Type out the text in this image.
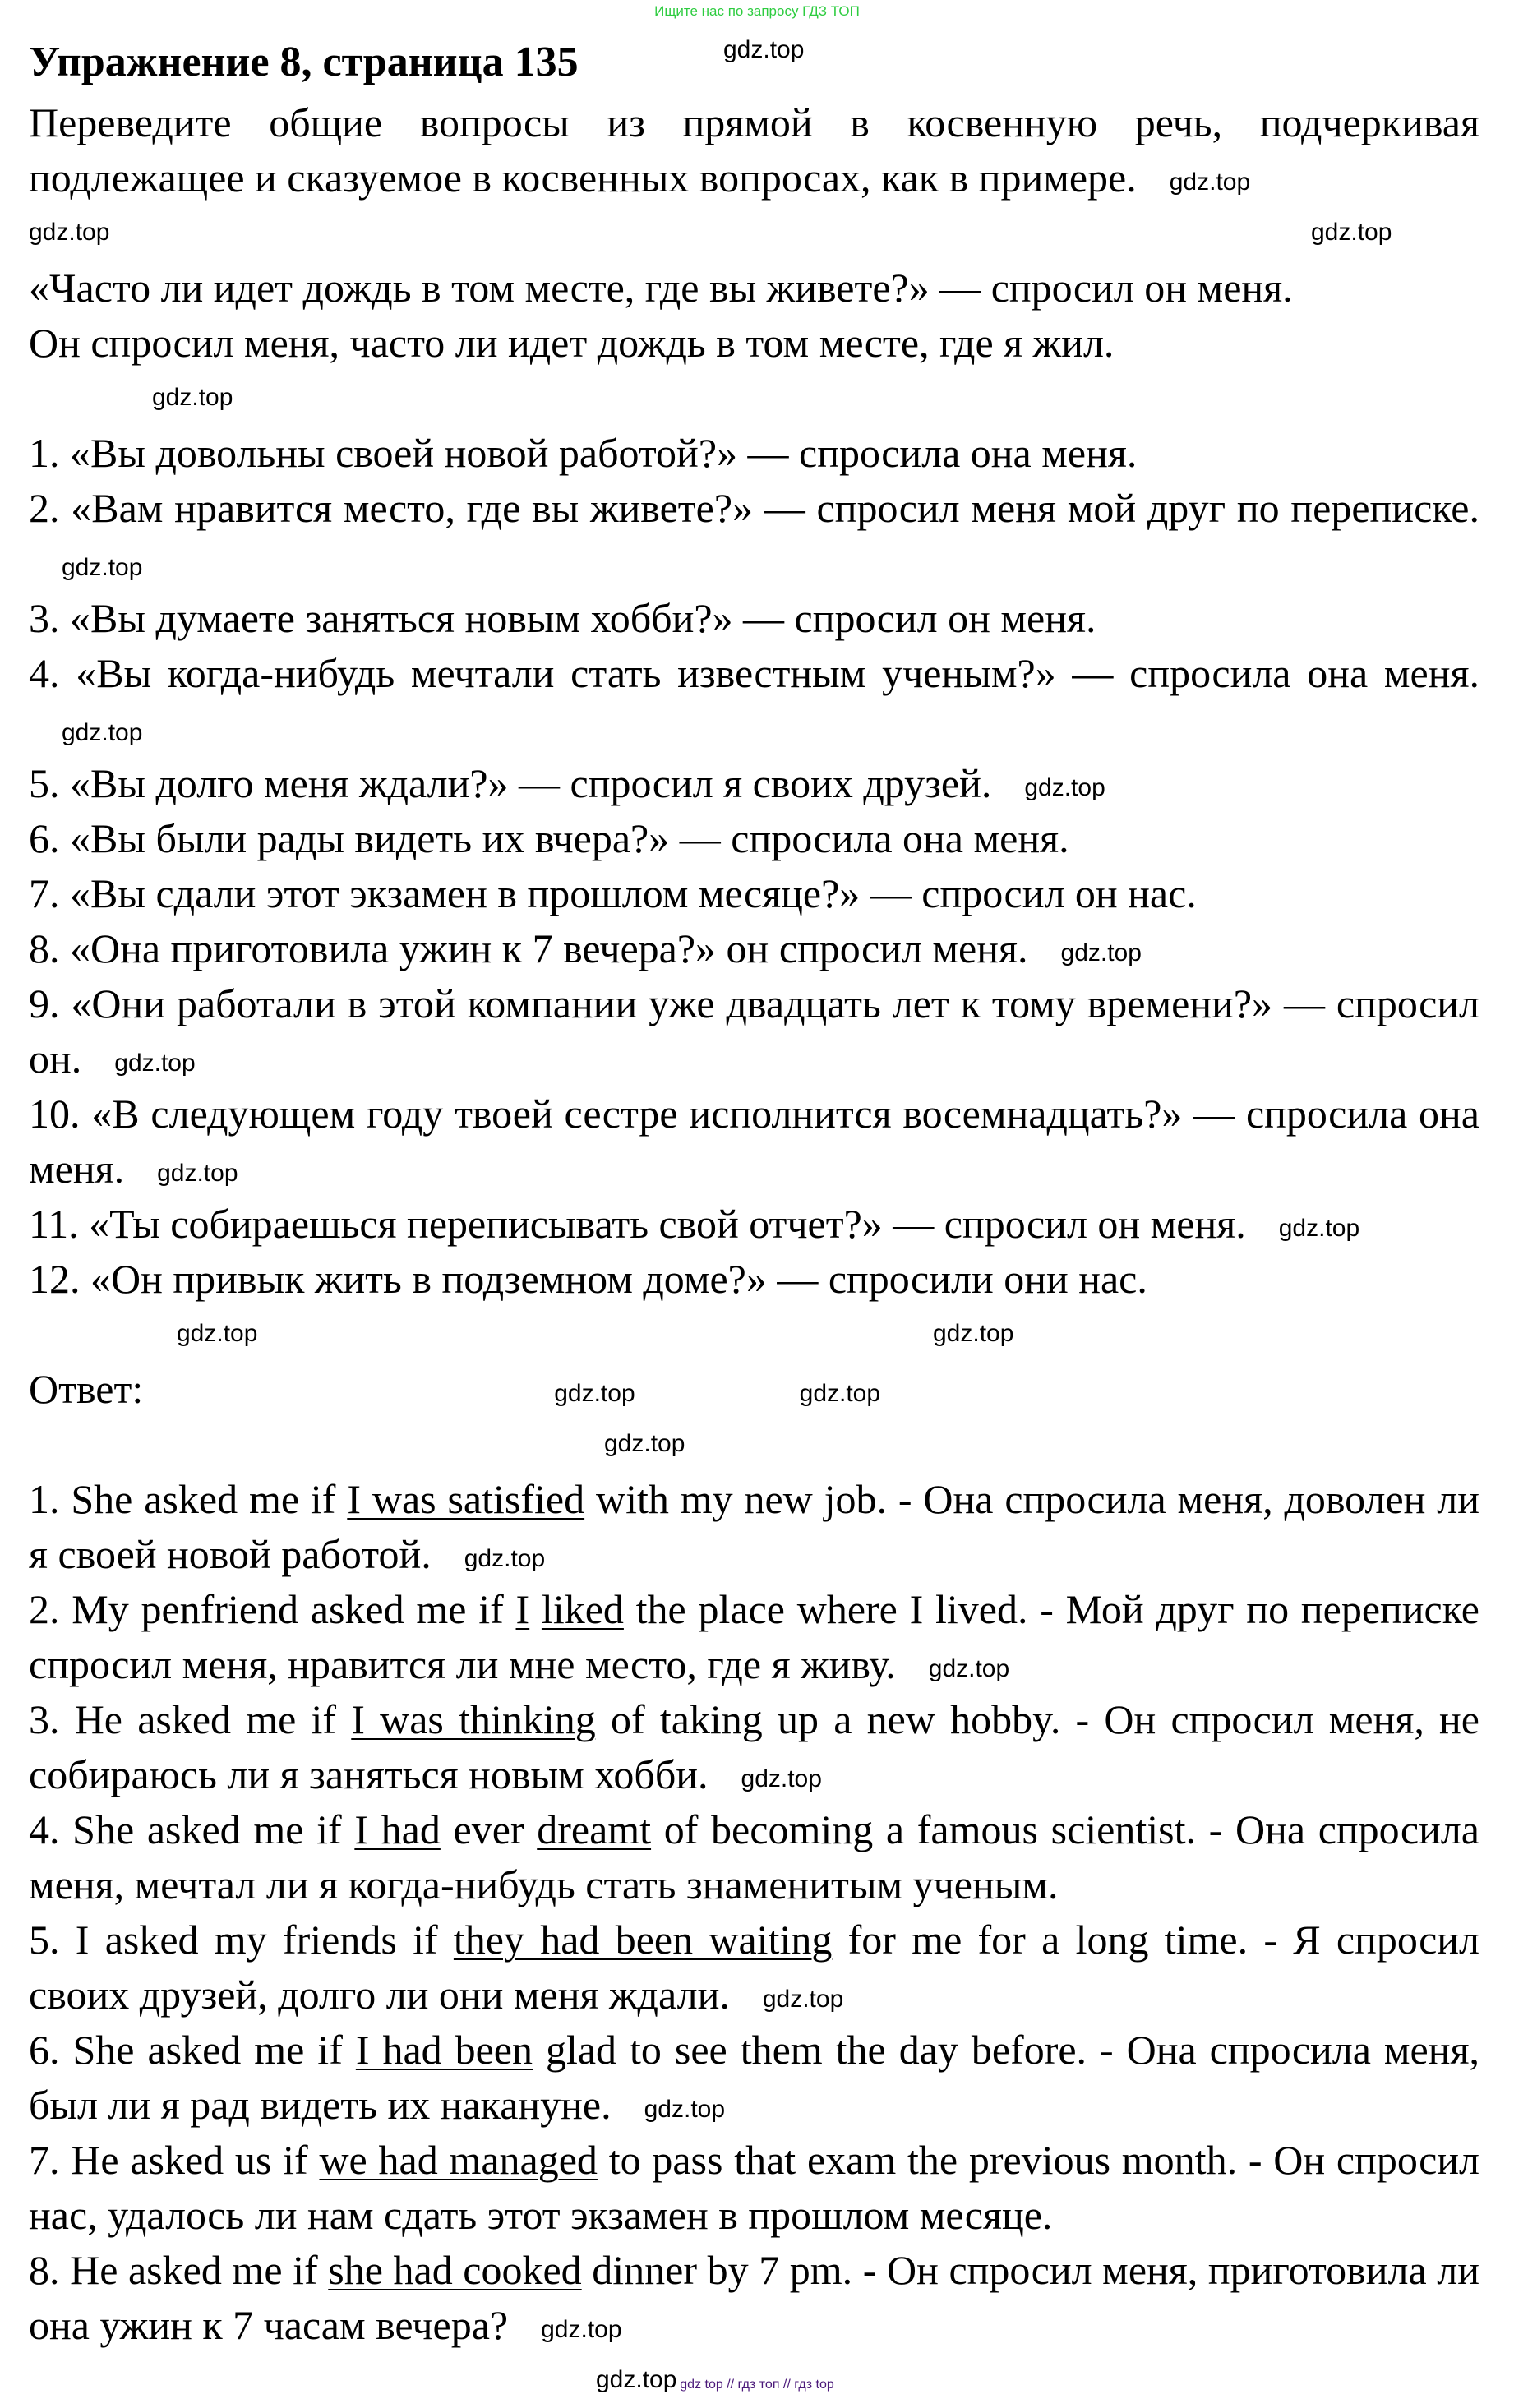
Ищите нас по запросу ГДЗ ТОП
Упражнение 8, страница 135	gdz.top
Переведите общие вопросы из прямой в косвенную речь, подчеркивая подлежащее и сказуемое в косвенных вопросах, как в примере. gdz.top
gdz.top	gdz.top
«Часто ли идет дождь в том месте, где вы живете?» — спросил он меня.
Он спросил меня, часто ли идет дождь в том месте, где я жил.
gdz.top
1. «Вы довольны своей новой работой?» — спросила она меня.
2. «Вам нравится место, где вы живете?» — спросил меня мой друг по переписке.gdz.top
3. «Вы думаете заняться новым хобби?» — спросил он меня.
4. «Вы когда-нибудь мечтали стать известным ученым?» — спросила она меня.gdz.top
5. «Вы долго меня ждали?» — спросил я своих друзей. gdz.top
6. «Вы были рады видеть их вчера?» — спросила она меня.
7. «Вы сдали этот экзамен в прошлом месяце?» — спросил он нас.
8. «Она приготовила ужин к 7 вечера?» он спросил меня. gdz.top
9. «Они работали в этой компании уже двадцать лет к тому времени?» — спросил он. gdz.top
10. «В следующем году твоей сестре исполнится восемнадцать?» — спросила она меня. gdz.top
11. «Ты собираешься переписывать свой отчет?» — спросил он меня. gdz.top
12. «Он привык жить в подземном доме?» — спросили они нас.
gdz.top	gdz.top
Ответ:	gdz.top	gdz.top
gdz.top
1. She asked me if I was satisfied with my new job. - Она спросила меня, доволен ли я своей новой работой. gdz.top
2. My penfriend asked me if I liked the place where I lived. - Мой друг по переписке спросил меня, нравится ли мне место, где я живу. gdz.top
3. He asked me if I was thinking of taking up a new hobby. - Он спросил меня, не собираюсь ли я заняться новым хобби. gdz.top
4. She asked me if I had ever dreamt of becoming a famous scientist. - Она спросила меня, мечтал ли я когда-нибудь стать знаменитым ученым.
5. I asked my friends if they had been waiting for me for a long time. - Я спросил своих друзей, долго ли они меня ждали. gdz.top
6. She asked me if I had been glad to see them the day before. - Она спросила меня, был ли я рад видеть их накануне. gdz.top
7. He asked us if we had managed to pass that exam the previous month. - Он спросил нас, удалось ли нам сдать этот экзамен в прошлом месяце.
8. He asked me if she had cooked dinner by 7 pm. - Он спросил меня, приготовила ли она ужин к 7 часам вечера? gdz.top
gdz.top gdz top // гдз топ // гдз top
